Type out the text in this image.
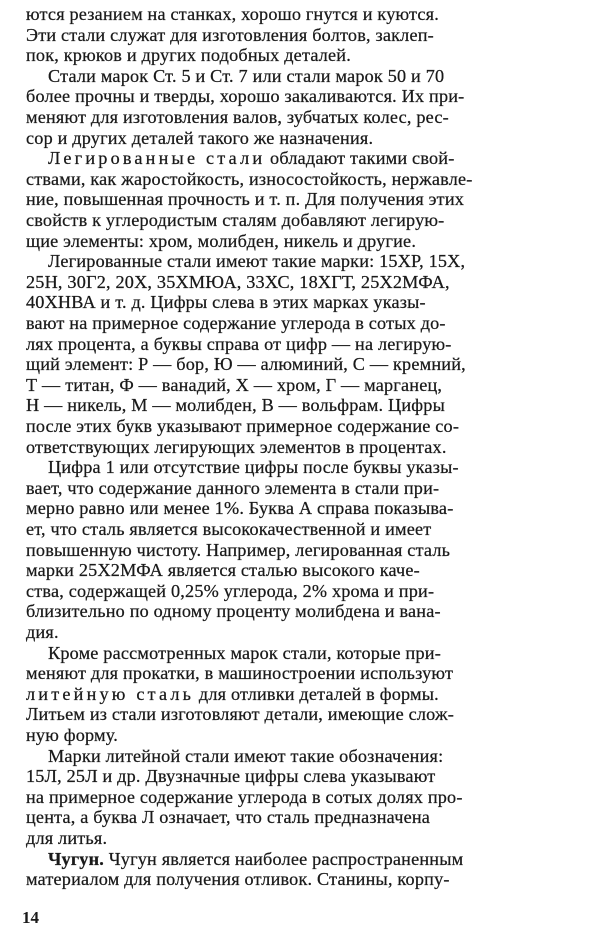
ются резанием на станках, хорошо гнутся и куются.
Эти стали служат для изготовления болтов, заклеп-
пок, крюков и других подобных деталей.
Стали марок Ст. 5 и Ст. 7 или стали марок 50 и 70
более прочны и тверды, хорошо закаливаются. Их при-
меняют для изготовления валов, зубчатых колес, рес-
сор и других деталей такого же назначения.
Легированные стали обладают такими свой-
ствами, как жаростойкость, износостойкость, нержавле-
ние, повышенная прочность и т. п. Для получения этих
свойств к углеродистым сталям добавляют легирую-
щие элементы: хром, молибден, никель и другие.
Легированные стали имеют такие марки: 15ХР, 15Х,
25Н, 30Г2, 20Х, 35ХМЮА, 33ХС, 18ХГТ, 25Х2МФА,
40ХНВА и т. д. Цифры слева в этих марках указы-
вают на примерное содержание углерода в сотых до-
лях процента, а буквы справа от цифр — на легирую-
щий элемент: Р — бор, Ю — алюминий, С — кремний,
Т — титан, Ф — ванадий, Х — хром, Г — марганец,
Н — никель, М — молибден, В — вольфрам. Цифры
после этих букв указывают примерное содержание со-
ответствующих легирующих элементов в процентах.
Цифра 1 или отсутствие цифры после буквы указы-
вает, что содержание данного элемента в стали при-
мерно равно или менее 1%. Буква А справа показыва-
ет, что сталь является высококачественной и имеет
повышенную чистоту. Например, легированная сталь
марки 25Х2МФА является сталью высокого каче-
ства, содержащей 0,25% углерода, 2% хрома и при-
близительно по одному проценту молибдена и вана-
дия.
Кроме рассмотренных марок стали, которые при-
меняют для прокатки, в машиностроении используют
литейную сталь для отливки деталей в формы.
Литьем из стали изготовляют детали, имеющие слож-
ную форму.
Марки литейной стали имеют такие обозначения:
15Л, 25Л и др. Двузначные цифры слева указывают
на примерное содержание углерода в сотых долях про-
цента, а буква Л означает, что сталь предназначена
для литья.
Чугун. Чугун является наиболее распространенным
материалом для получения отливок. Станины, корпу-
14
